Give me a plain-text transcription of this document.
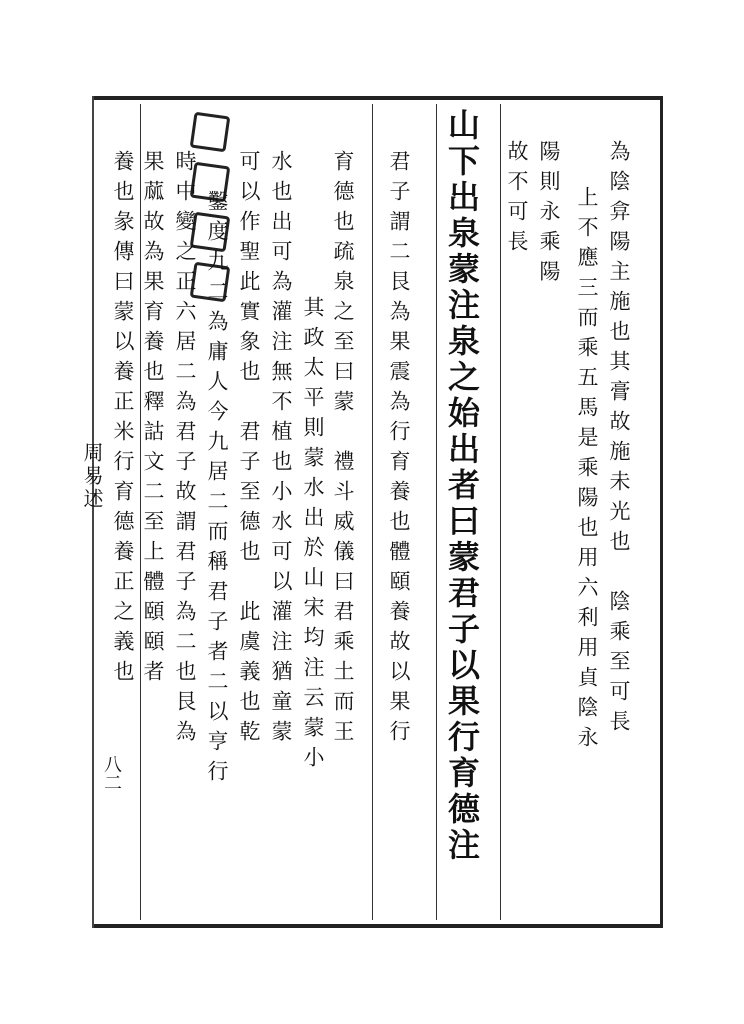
周易述
八二
為陰弇陽主施也其膏故施未光也　陰乘至可長
上不應三而乘五馬是乘陽也用六利用貞陰永
陽則永乘陽
故不可長
山下出泉蒙注泉之始出者曰蒙君子以果行育德注
君子謂二艮為果震為行育養也體頤養故以果行
育德也疏泉之至曰蒙　禮斗威儀曰君乘土而王
其政太平則蒙水出於山宋均注云蒙小
水也出可為灌注無不植也小水可以灌注猶童蒙
可以作聖此實象也　君子至德也　此虞義也乾
鑿度九二為庸人今九居二而稱君子者二以亨行
時中變之正六居二為君子故謂君子為二也艮為
果蓏故為果育養也釋詁文二至上體頤頤者
養也彖傳曰蒙以養正米行育德養正之義也
